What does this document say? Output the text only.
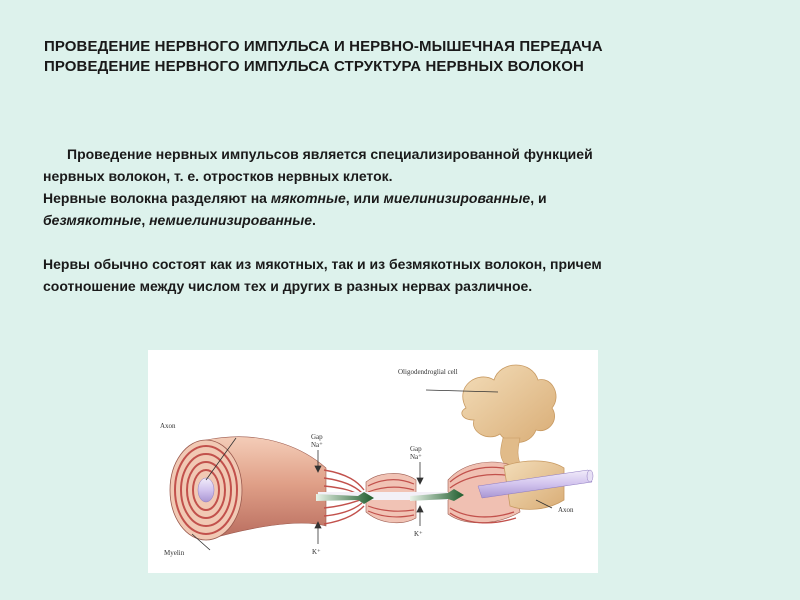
ПРОВЕДЕНИЕ НЕРВНОГО ИМПУЛЬСА И НЕРВНО-МЫШЕЧНАЯ ПЕРЕДАЧА
ПРОВЕДЕНИЕ НЕРВНОГО ИМПУЛЬСА СТРУКТУРА НЕРВНЫХ ВОЛОКОН

Проведение нервных импульсов является специализированной функцией

нервных волокон, т. е. отростков нервных клеток.

Нервные волокна разделяют на мякотные, или миелинизированные, и

безмякотные, немиелинизированные.

Нервы обычно состоят как из мякотных, так и из безмякотных волокон, причем

соотношение между числом тех и других в разных нервах различное.

Axon
Myelin
Gap
Na⁺
K⁺
Gap
Na⁺
K⁺
Oligodendroglial cell
Axon
